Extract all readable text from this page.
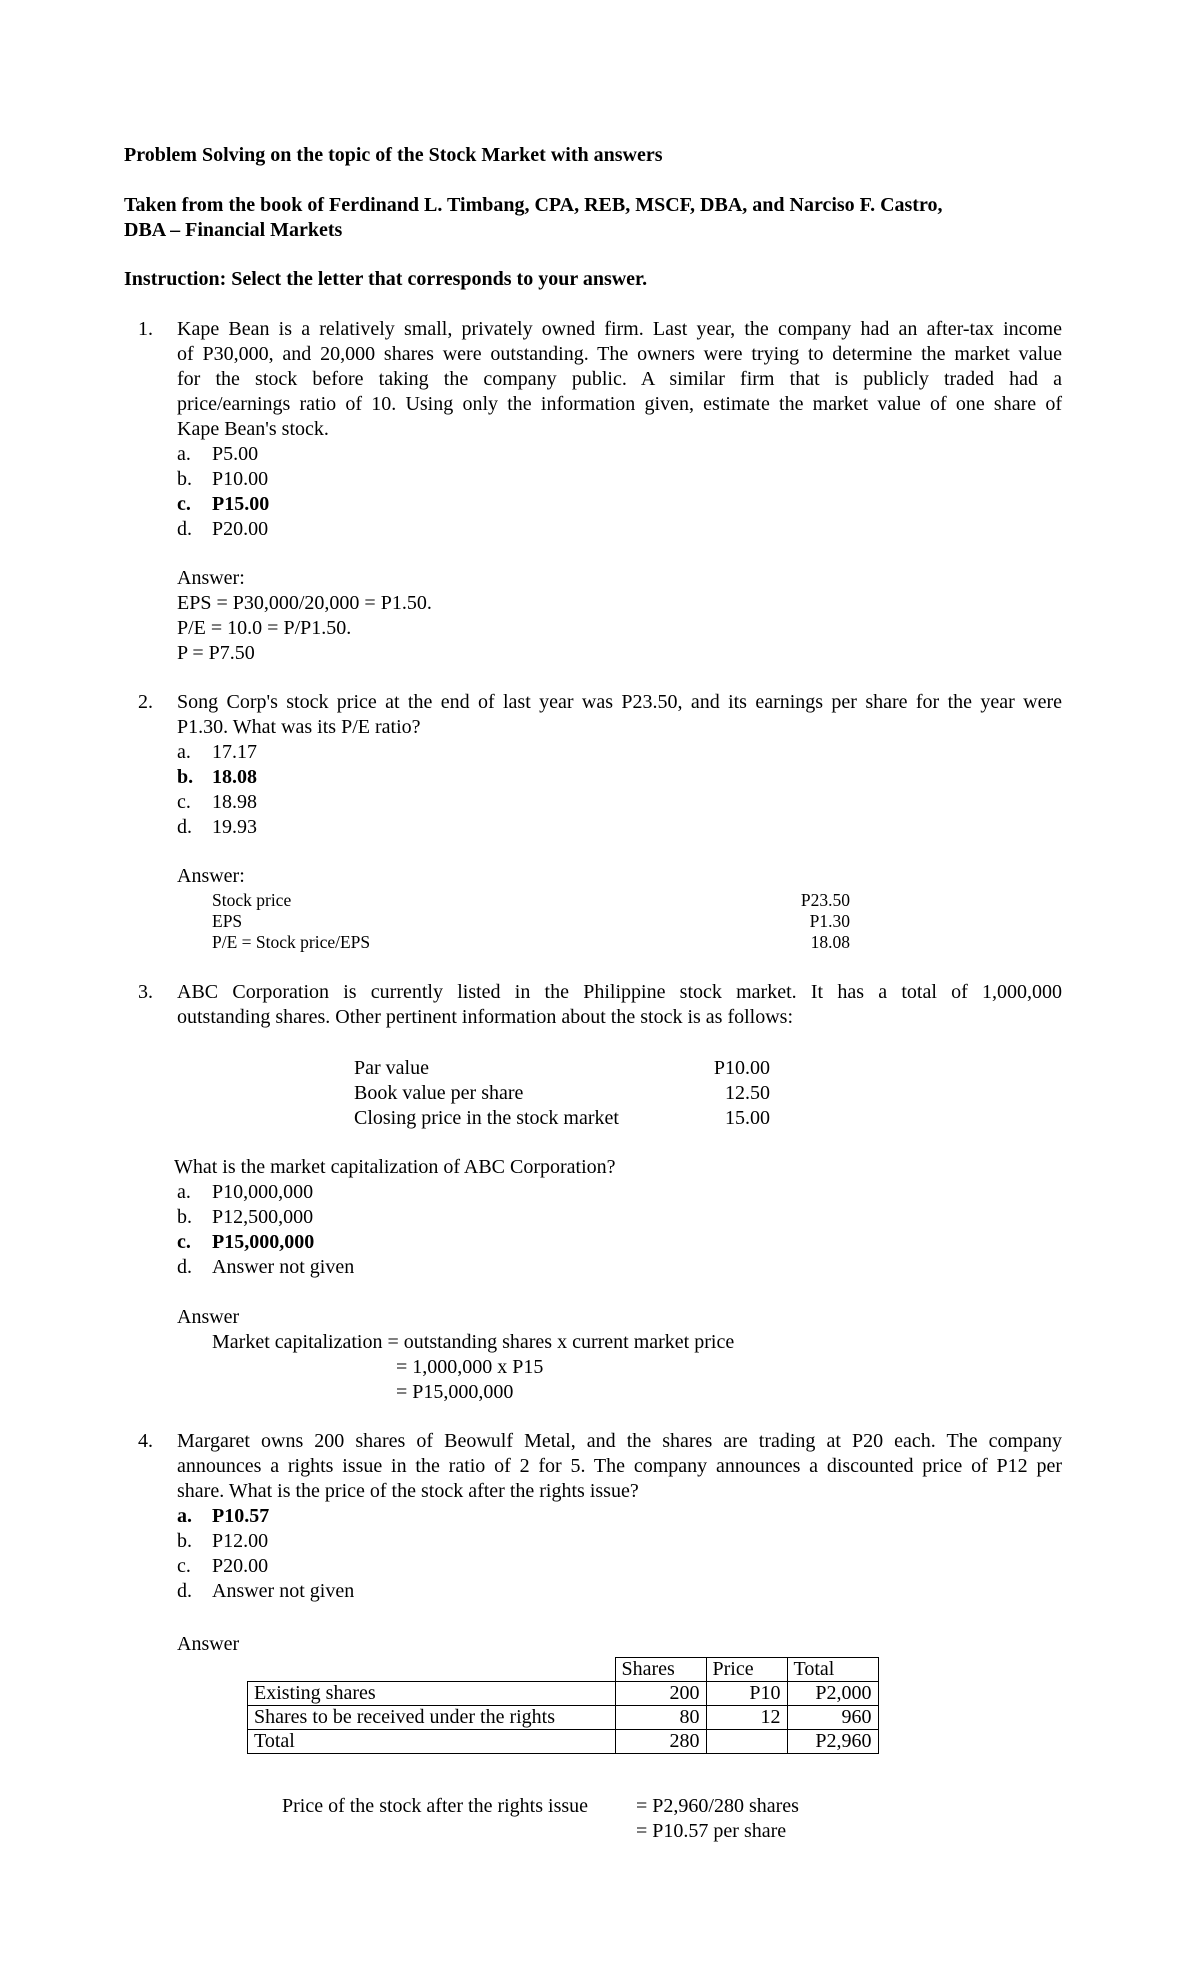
Problem Solving on the topic of the Stock Market with answers
Taken from the book of Ferdinand L. Timbang, CPA, REB, MSCF, DBA, and Narciso F. Castro,
DBA – Financial Markets
Instruction: Select the letter that corresponds to your answer.
1. Kape Bean is a relatively small, privately owned firm. Last year, the company had an after-tax income
of P30,000, and 20,000 shares were outstanding. The owners were trying to determine the market value
for the stock before taking the company public. A similar firm that is publicly traded had a
price/earnings ratio of 10. Using only the information given, estimate the market value of one share of
Kape Bean's stock.
a. P5.00
b. P10.00
c. P15.00
d. P20.00
Answer:
EPS = P30,000/20,000 = P1.50.
P/E = 10.0 = P/P1.50.
P = P7.50
2. Song Corp's stock price at the end of last year was P23.50, and its earnings per share for the year were
P1.30. What was its P/E ratio?
a. 17.17
b. 18.08
c. 18.98
d. 19.93
Answer:
Stock price	P23.50
EPS	P1.30
P/E = Stock price/EPS	18.08
3. ABC Corporation is currently listed in the Philippine stock market. It has a total of 1,000,000
outstanding shares. Other pertinent information about the stock is as follows:
Par value	P10.00
Book value per share	12.50
Closing price in the stock market	15.00
What is the market capitalization of ABC Corporation?
a. P10,000,000
b. P12,500,000
c. P15,000,000
d. Answer not given
Answer
Market capitalization = outstanding shares x current market price
= 1,000,000 x P15
= P15,000,000
4. Margaret owns 200 shares of Beowulf Metal, and the shares are trading at P20 each. The company
announces a rights issue in the ratio of 2 for 5. The company announces a discounted price of P12 per
share. What is the price of the stock after the rights issue?
a. P10.57
b. P12.00
c. P20.00
d. Answer not given
Answer
	Shares	Price	Total
Existing shares	200	P10	P2,000
Shares to be received under the rights	80	12	960
Total	280		P2,960
Price of the stock after the rights issue = P2,960/280 shares
= P10.57 per share
